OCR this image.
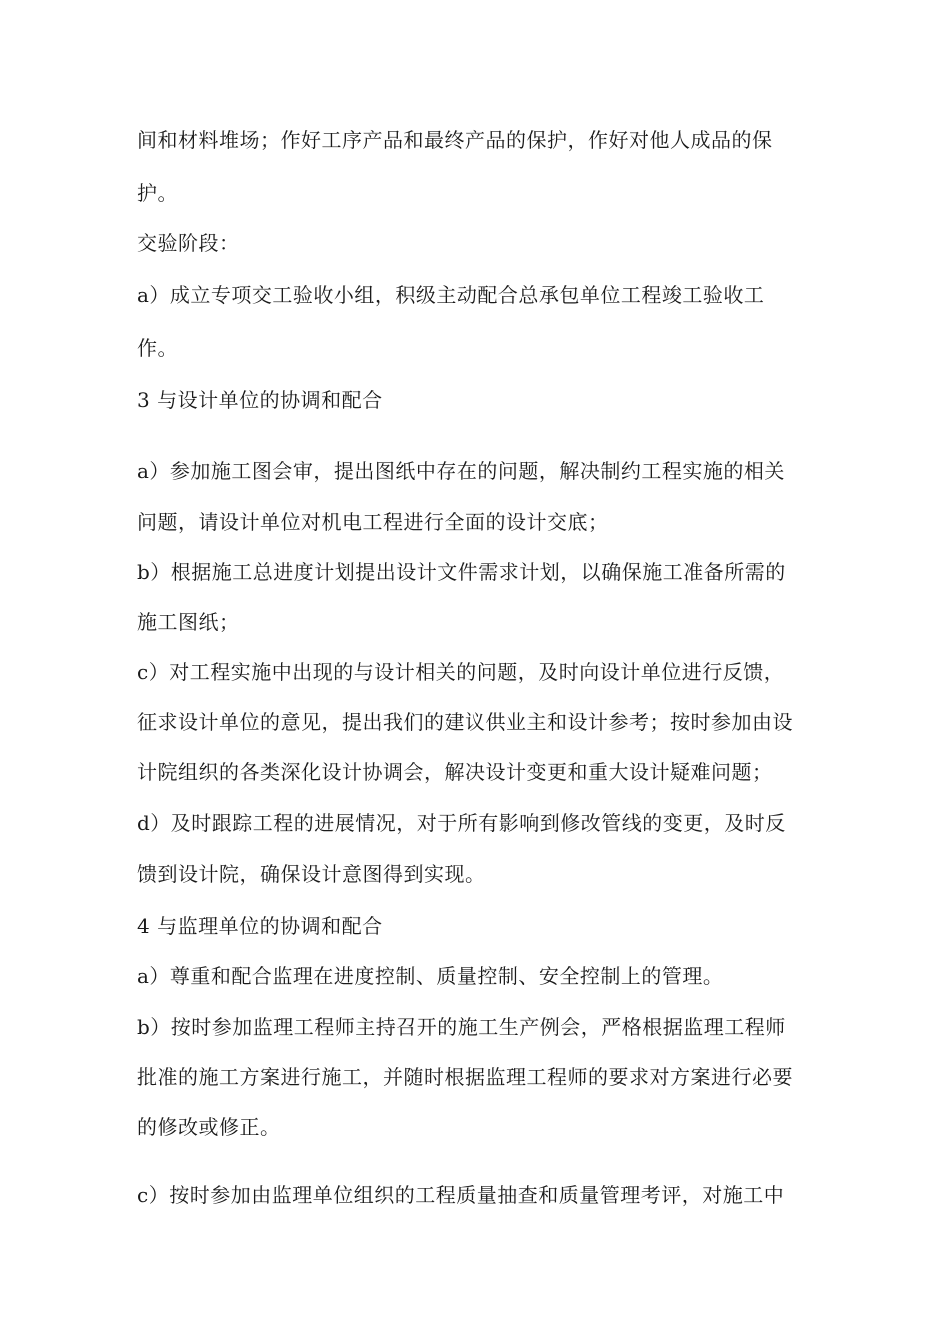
间和材料堆场；作好工序产品和最终产品的保护，作好对他人成品的保
护。
交验阶段：
a）成立专项交工验收小组，积级主动配合总承包单位工程竣工验收工
作。
3 与设计单位的协调和配合
a）参加施工图会审，提出图纸中存在的问题，解决制约工程实施的相关
问题，请设计单位对机电工程进行全面的设计交底；
b）根据施工总进度计划提出设计文件需求计划，以确保施工准备所需的
施工图纸；
c）对工程实施中出现的与设计相关的问题，及时向设计单位进行反馈，
征求设计单位的意见，提出我们的建议供业主和设计参考；按时参加由设
计院组织的各类深化设计协调会，解决设计变更和重大设计疑难问题；
d）及时跟踪工程的进展情况，对于所有影响到修改管线的变更，及时反
馈到设计院，确保设计意图得到实现。
4 与监理单位的协调和配合
a）尊重和配合监理在进度控制、质量控制、安全控制上的管理。
b）按时参加监理工程师主持召开的施工生产例会，严格根据监理工程师
批准的施工方案进行施工，并随时根据监理工程师的要求对方案进行必要
的修改或修正。
c）按时参加由监理单位组织的工程质量抽查和质量管理考评，对施工中
